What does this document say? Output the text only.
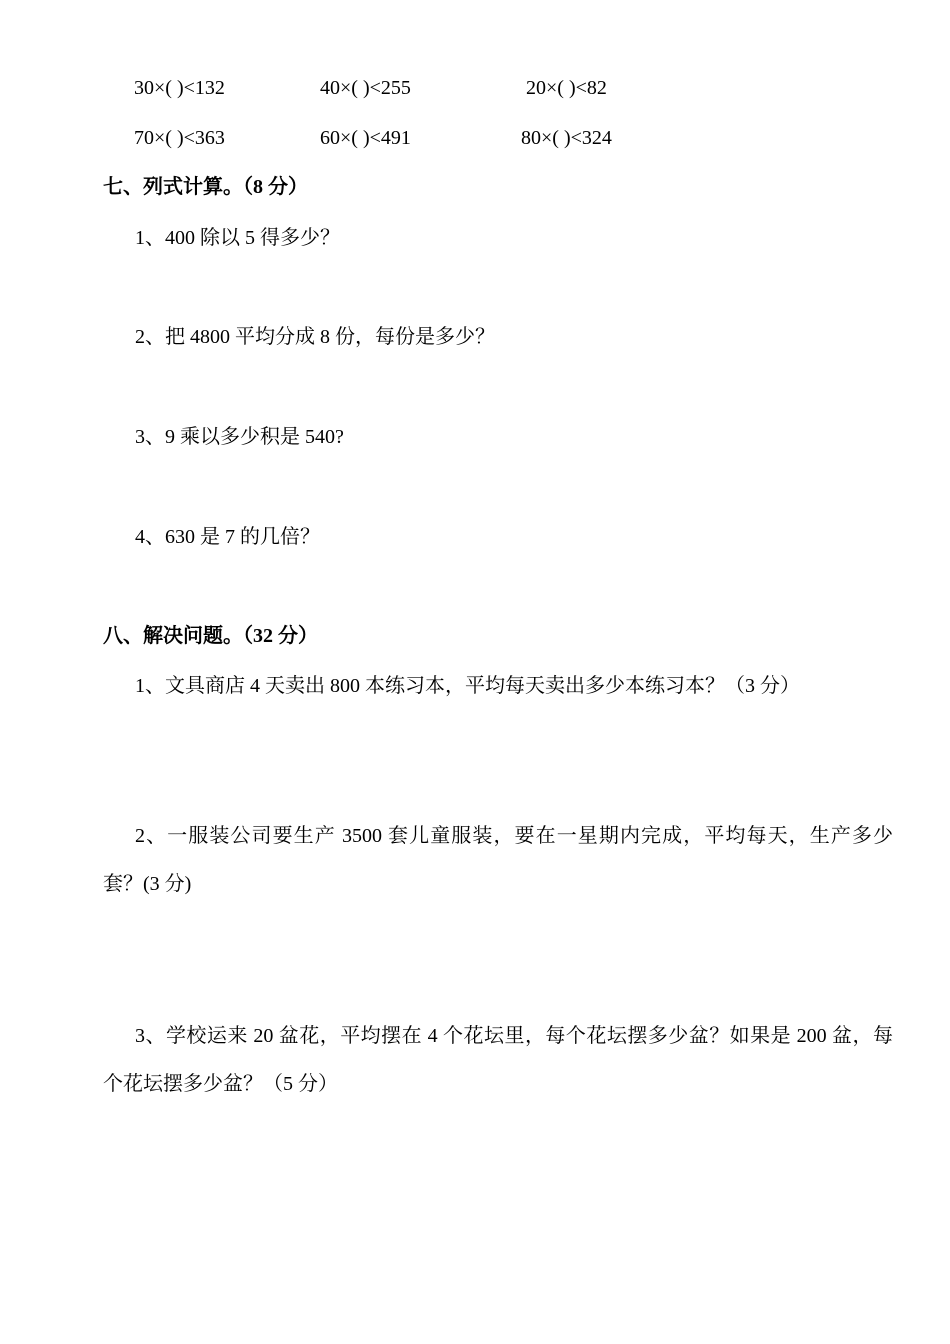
30×( )<132	40×( )<255	20×( )<82
70×( )<363	60×( )<491	80×( )<324
七、列式计算。（8 分）
1、400 除以 5 得多少？
2、把 4800 平均分成 8 份，每份是多少？
3、9 乘以多少积是 540?
4、630 是 7 的几倍？
八、解决问题。（32 分）
1、文具商店 4 天卖出 800 本练习本，平均每天卖出多少本练习本？（3 分）
2、一服装公司要生产 3500 套儿童服装，要在一星期内完成，平均每天，生产多少套？(3 分)
3、学校运来 20 盆花，平均摆在 4 个花坛里，每个花坛摆多少盆？如果是 200 盆，每个花坛摆多少盆？（5 分）
